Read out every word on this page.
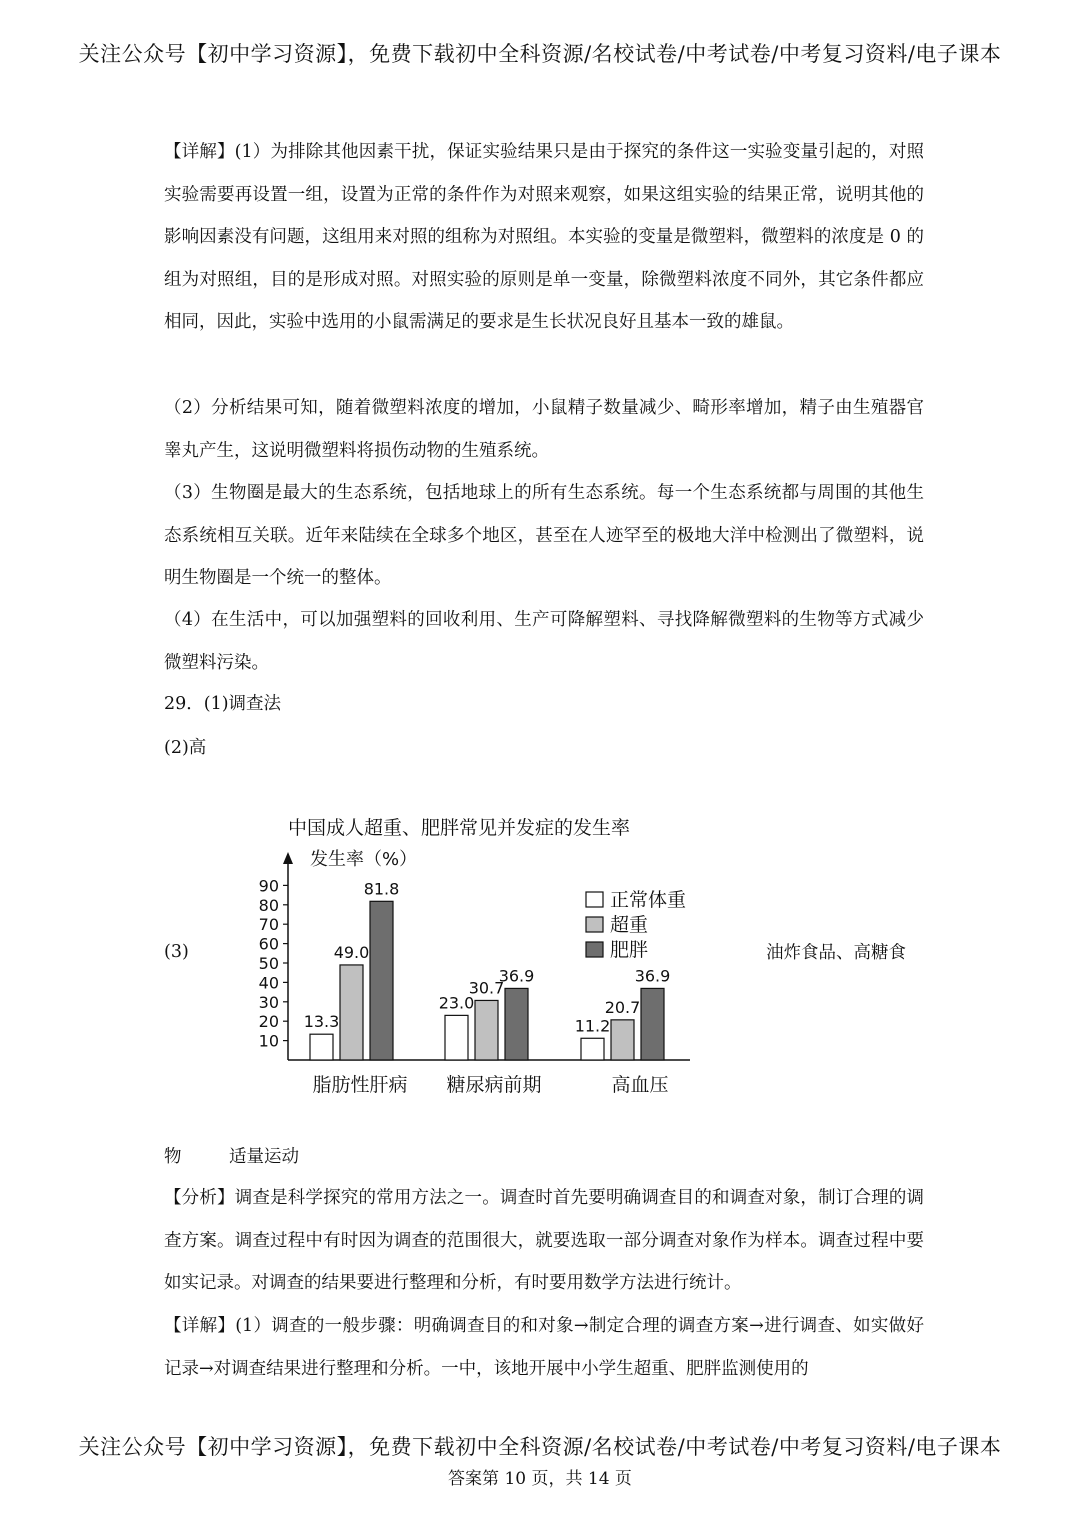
关注公众号【初中学习资源】，免费下载初中全科资源/名校试卷/中考试卷/中考复习资料/电子课本

【详解】(1）为排除其他因素干扰，保证实验结果只是由于探究的条件这一实验变量引起的，对照实验需要再设置一组，设置为正常的条件作为对照来观察，如果这组实验的结果正常，说明其他的影响因素没有问题，这组用来对照的组称为对照组。本实验的变量是微塑料，微塑料的浓度是 0 的组为对照组，目的是形成对照。对照实验的原则是单一变量，除微塑料浓度不同外，其它条件都应相同，因此，实验中选用的小鼠需满足的要求是生长状况良好且基本一致的雄鼠。

（2）分析结果可知，随着微塑料浓度的增加，小鼠精子数量减少、畸形率增加，精子由生殖器官睾丸产生，这说明微塑料将损伤动物的生殖系统。

（3）生物圈是最大的生态系统，包括地球上的所有生态系统。每一个生态系统都与周围的其他生态系统相互关联。近年来陆续在全球多个地区，甚至在人迹罕至的极地大洋中检测出了微塑料，说明生物圈是一个统一的整体。

（4）在生活中，可以加强塑料的回收利用、生产可降解塑料、寻找降解微塑料的生物等方式减少微塑料污染。

29．(1)调查法
(2)高
(3)
中国成人超重、肥胖常见并发症的发生率
发生率（%）
10
20
30
40
50
60
70
80
90
13.3
49.0
81.8
23.0
30.7
36.9
11.2
20.7
36.9
正常体重
超重
肥胖
脂肪性肝病 糖尿病前期	高血压
油炸食品、高糖食
物	适量运动

【分析】调查是科学探究的常用方法之一。调查时首先要明确调查目的和调查对象，制订合理的调查方案。调查过程中有时因为调查的范围很大，就要选取一部分调查对象作为样本。调查过程中要如实记录。对调查的结果要进行整理和分析，有时要用数学方法进行统计。

【详解】(1）调查的一般步骤：明确调查目的和对象→制定合理的调查方案→进行调查、如实做好记录→对调查结果进行整理和分析。一中，该地开展中小学生超重、肥胖监测使用的

关注公众号【初中学习资源】，免费下载初中全科资源/名校试卷/中考试卷/中考复习资料/电子课本
答案第 10 页，共 14 页
